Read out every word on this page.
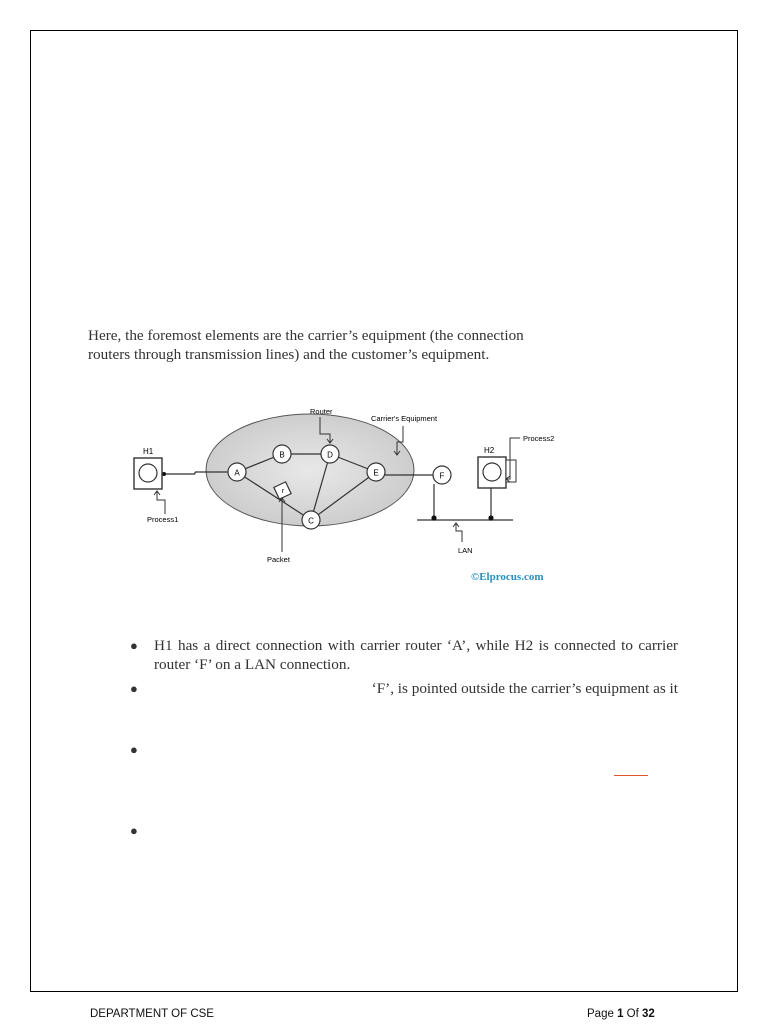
Here, the foremost elements are the carrier’s equipment (the connection
routers through transmission lines) and the customer’s equipment.
A
B
C
D
E	F
r
H1	H2
Router
Carrier's Equipment
Process1
Process2
Packet
LAN
©Elprocus.com
● H1 has a direct connection with carrier router ‘A’, while H2 is connected to carrier router ‘F’ on a LAN connection.
●	‘F’, is pointed outside the carrier’s equipment as it
●
●
DEPARTMENT OF CSE	Page 1 Of 32
